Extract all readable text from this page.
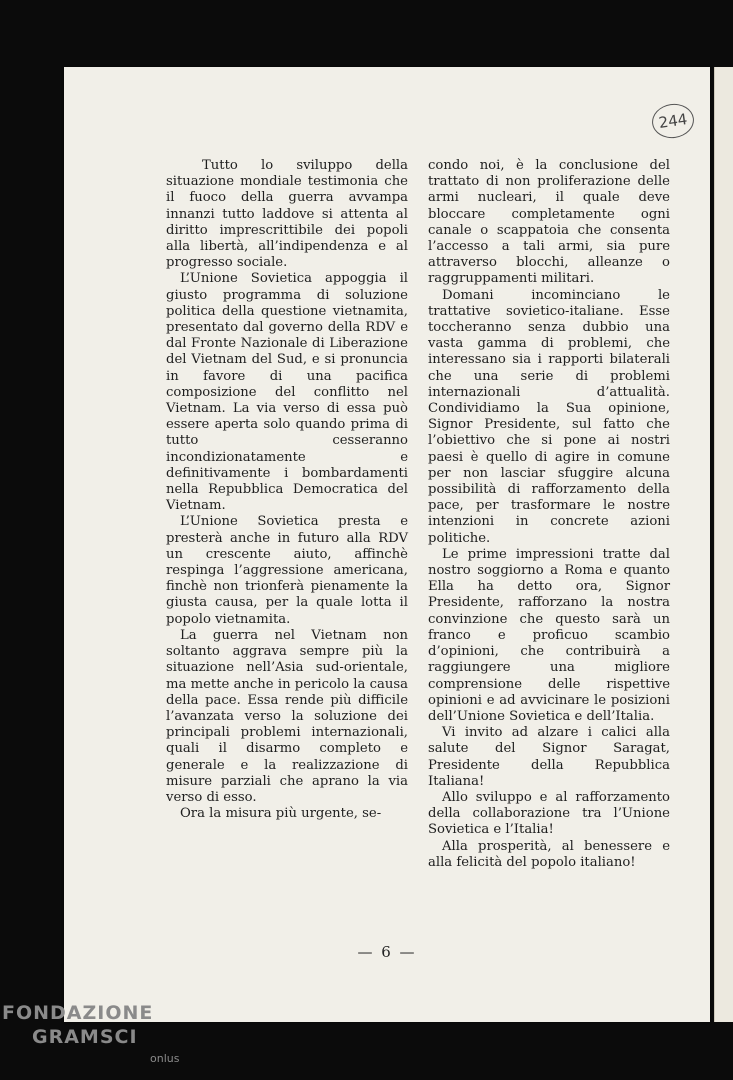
244

Tutto lo sviluppo della situazione mondiale testimonia che il fuoco della guerra avvampa innanzi tutto laddove si attenta al diritto imprescrittibile dei popoli alla libertà, all’indipendenza e al progresso sociale.

L’Unione Sovietica appoggia il giusto programma di soluzione politica della questione vietnamita, presentato dal governo della RDV e dal Fronte Nazionale di Liberazione del Vietnam del Sud, e si pronuncia in favore di una pacifica composizione del conflitto nel Vietnam. La via verso di essa può essere aperta solo quando prima di tutto cesseranno incondizionatamente e definitivamente i bombardamenti nella Repubblica Democratica del Vietnam.

L’Unione Sovietica presta e presterà anche in futuro alla RDV un crescente aiuto, affinchè respinga l’aggressione americana, finchè non trionferà pienamente la giusta causa, per la quale lotta il popolo vietnamita.

La guerra nel Vietnam non soltanto aggrava sempre più la situazione nell’Asia sud-orientale, ma mette anche in pericolo la causa della pace. Essa rende più difficile l’avanzata verso la soluzione dei principali problemi internazionali, quali il disarmo completo e generale e la realizzazione di misure parziali che aprano la via verso di esso.

Ora la misura più urgente, se-

condo noi, è la conclusione del trattato di non proliferazione delle armi nucleari, il quale deve bloccare completamente ogni canale o scappatoia che consenta l’accesso a tali armi, sia pure attraverso blocchi, alleanze o raggruppamenti militari.

Domani incominciano le trattative sovietico-italiane. Esse toccheranno senza dubbio una vasta gamma di problemi, che interessano sia i rapporti bilaterali che una serie di problemi internazionali d’attualità. Condividiamo la Sua opinione, Signor Presidente, sul fatto che l’obiettivo che si pone ai nostri paesi è quello di agire in comune per non lasciar sfuggire alcuna possibilità di rafforzamento della pace, per trasformare le nostre intenzioni in concrete azioni politiche.

Le prime impressioni tratte dal nostro soggiorno a Roma e quanto Ella ha detto ora, Signor Presidente, rafforzano la nostra convinzione che questo sarà un franco e proficuo scambio d’opinioni, che contribuirà a raggiungere una migliore comprensione delle rispettive opinioni e ad avvicinare le posizioni dell’Unione Sovietica e dell’Italia.

Vi invito ad alzare i calici alla salute del Signor Saragat, Presidente della Repubblica Italiana!

Allo sviluppo e al rafforzamento della collaborazione tra l’Unione Sovietica e l’Italia!

Alla prosperità, al benessere e alla felicità del popolo italiano!

— 6 —
FONDAZIONE
GRAMSCI
onlus
